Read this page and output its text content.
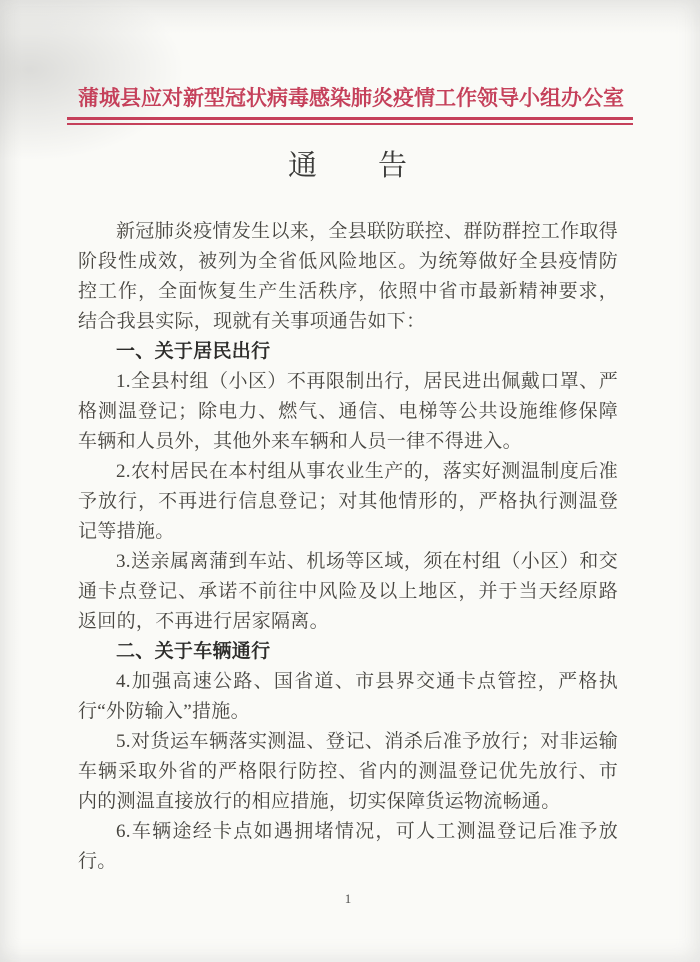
蒲城县应对新型冠状病毒感染肺炎疫情工作领导小组办公室
通　　告

新冠肺炎疫情发生以来，全县联防联控、群防群控工作取得阶段性成效，被列为全省低风险地区。为统筹做好全县疫情防控工作，全面恢复生产生活秩序，依照中省市最新精神要求，结合我县实际，现就有关事项通告如下：

一、关于居民出行

1.全县村组（小区）不再限制出行，居民进出佩戴口罩、严格测温登记；除电力、燃气、通信、电梯等公共设施维修保障车辆和人员外，其他外来车辆和人员一律不得进入。

2.农村居民在本村组从事农业生产的，落实好测温制度后准予放行，不再进行信息登记；对其他情形的，严格执行测温登记等措施。

3.送亲属离蒲到车站、机场等区域，须在村组（小区）和交通卡点登记、承诺不前往中风险及以上地区，并于当天经原路返回的，不再进行居家隔离。

二、关于车辆通行

4.加强高速公路、国省道、市县界交通卡点管控，严格执行“外防输入”措施。

5.对货运车辆落实测温、登记、消杀后准予放行；对非运输车辆采取外省的严格限行防控、省内的测温登记优先放行、市内的测温直接放行的相应措施，切实保障货运物流畅通。

6.车辆途经卡点如遇拥堵情况，可人工测温登记后准予放行。

1
